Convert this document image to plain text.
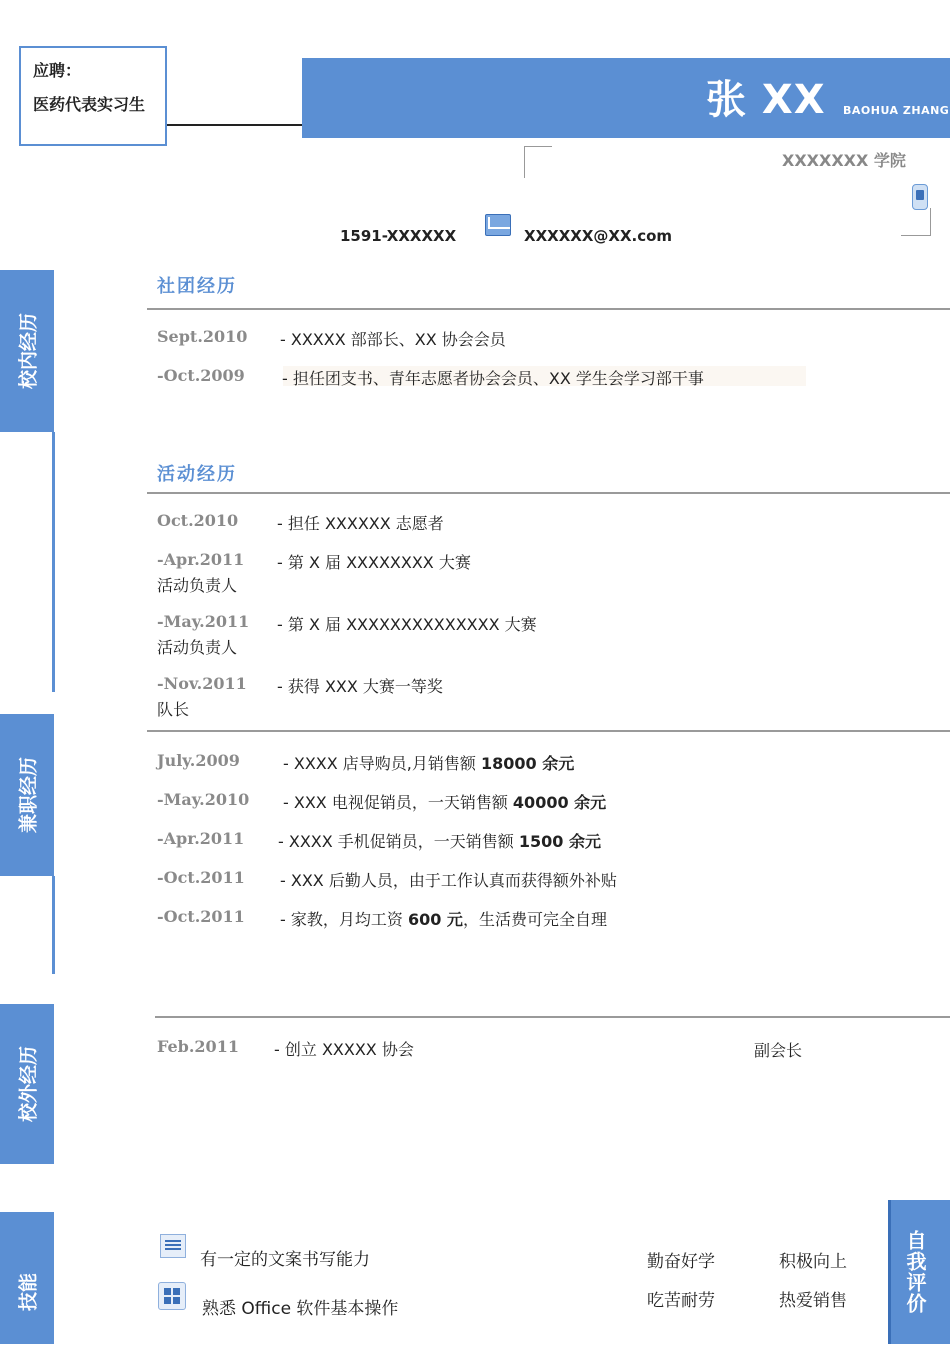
应聘：
医药代表实习生	张 XX BAOHUA ZHANG
XXXXXXX 学院
1591-XXXXXX	XXXXXX@XX.com
校内经历
兼职经历
校外经历
技能
社团经历
Sept.2010 - XXXXX 部部长、XX 协会会员
-Oct.2009 - 担任团支书、青年志愿者协会会员、XX 学生会学习部干事
活动经历
Oct.2010 - 担任 XXXXXX 志愿者
-Apr.2011 - 第 X 届 XXXXXXXX 大赛
活动负责人
-May.2011 - 第 X 届 XXXXXXXXXXXXXX 大赛
活动负责人
-Nov.2011 - 获得 XXX 大赛一等奖
队长
July.2009	- XXXX 店导购员,月销售额 18000 余元
-May.2010 - XXX 电视促销员，一天销售额 40000 余元
-Apr.2011 - XXXX 手机促销员，一天销售额 1500 余元
-Oct.2011 - XXX 后勤人员，由于工作认真而获得额外补贴
-Oct.2011 - 家教，月均工资 600 元，生活费可完全自理
Feb.2011 - 创立 XXXXX 协会	副会长
有一定的文案书写能力
熟悉 Office 软件基本操作
勤奋好学	积极向上
吃苦耐劳	热爱销售	自我评价
